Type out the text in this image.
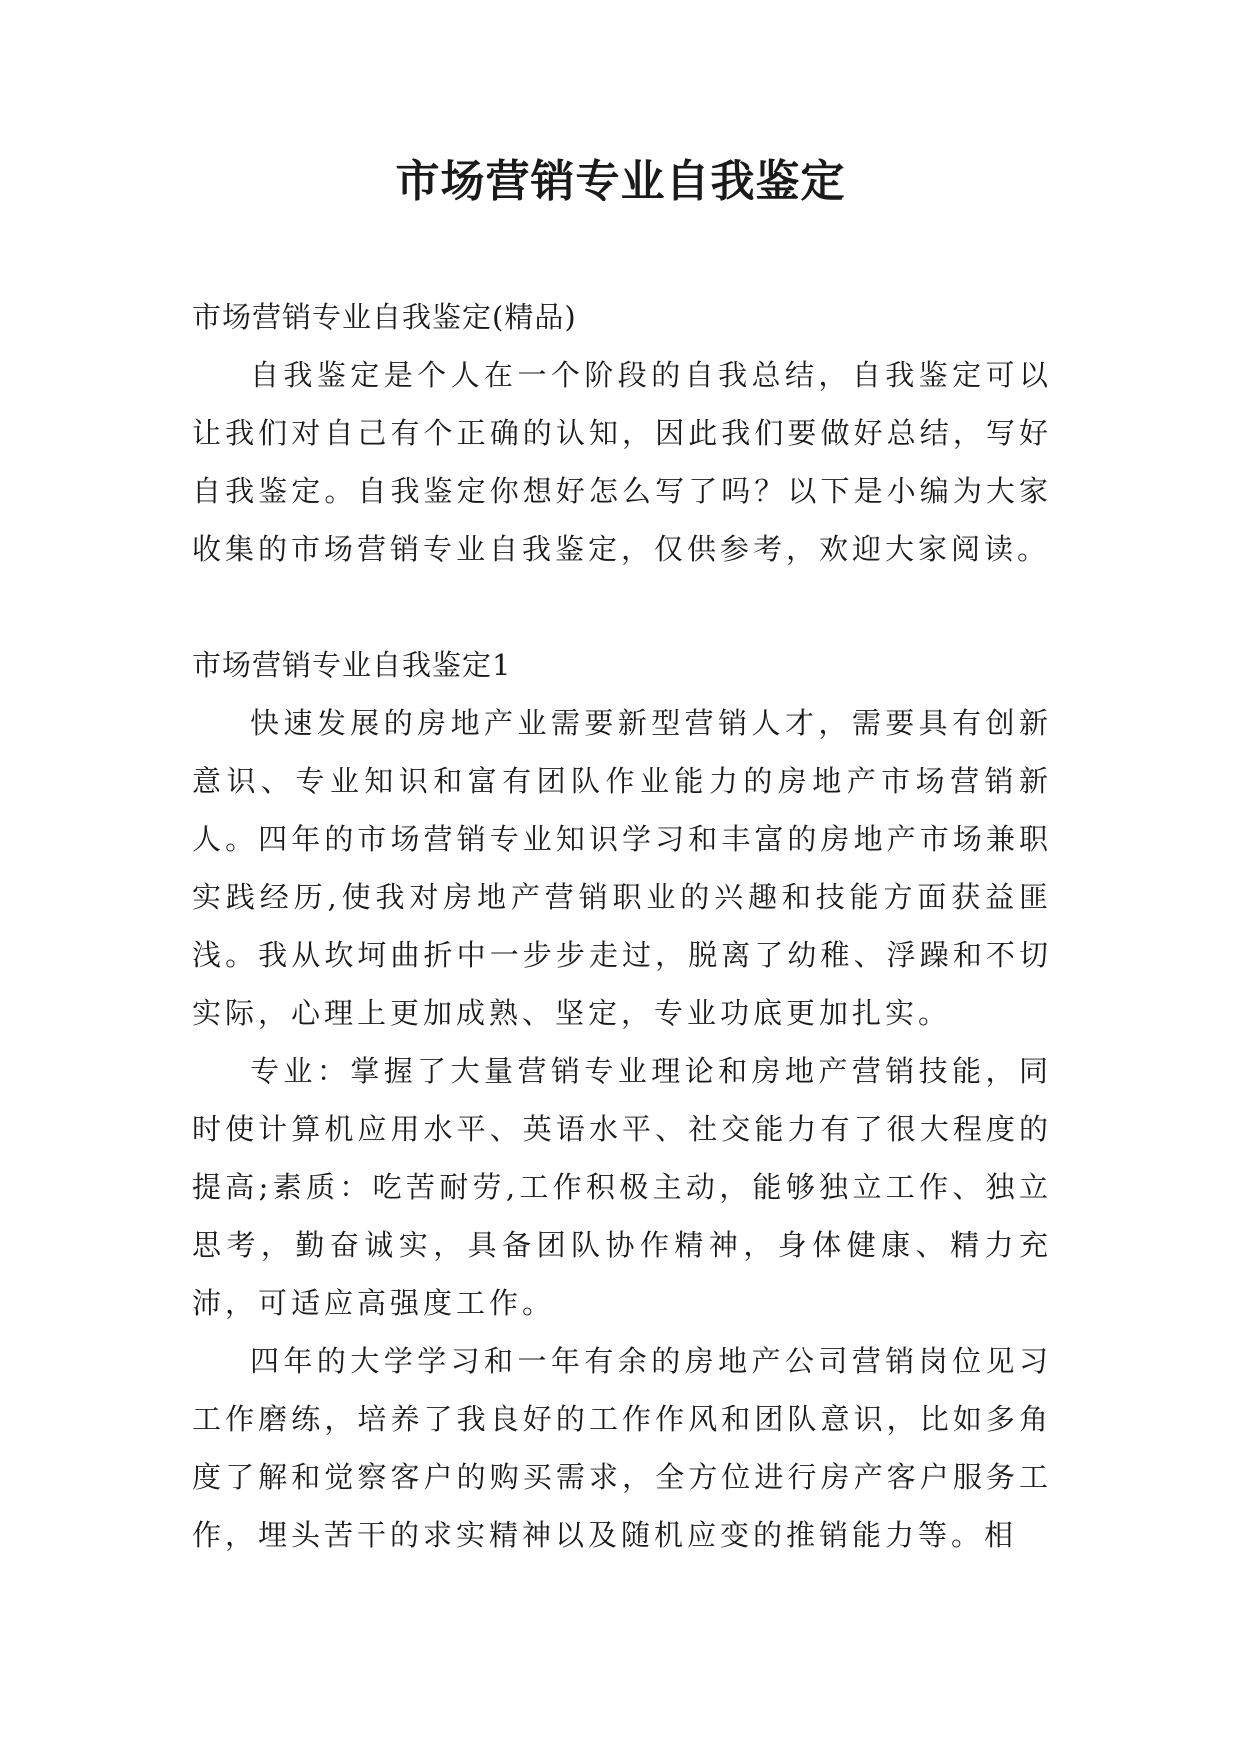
市场营销专业自我鉴定

市场营销专业自我鉴定(精品)

自我鉴定是个人在一个阶段的自我总结，自我鉴定可以让我们对自己有个正确的认知，因此我们要做好总结，写好自我鉴定。自我鉴定你想好怎么写了吗？以下是小编为大家收集的市场营销专业自我鉴定，仅供参考，欢迎大家阅读。

市场营销专业自我鉴定1

快速发展的房地产业需要新型营销人才，需要具有创新意识、专业知识和富有团队作业能力的房地产市场营销新人。四年的市场营销专业知识学习和丰富的房地产市场兼职实践经历,使我对房地产营销职业的兴趣和技能方面获益匪浅。我从坎坷曲折中一步步走过，脱离了幼稚、浮躁和不切实际，心理上更加成熟、坚定，专业功底更加扎实。

专业：掌握了大量营销专业理论和房地产营销技能，同时使计算机应用水平、英语水平、社交能力有了很大程度的提高;素质：吃苦耐劳,工作积极主动，能够独立工作、独立思考，勤奋诚实，具备团队协作精神，身体健康、精力充沛，可适应高强度工作。

四年的大学学习和一年有余的房地产公司营销岗位见习工作磨练，培养了我良好的工作作风和团队意识，比如多角度了解和觉察客户的购买需求，全方位进行房产客户服务工作，埋头苦干的求实精神以及随机应变的推销能力等。相
